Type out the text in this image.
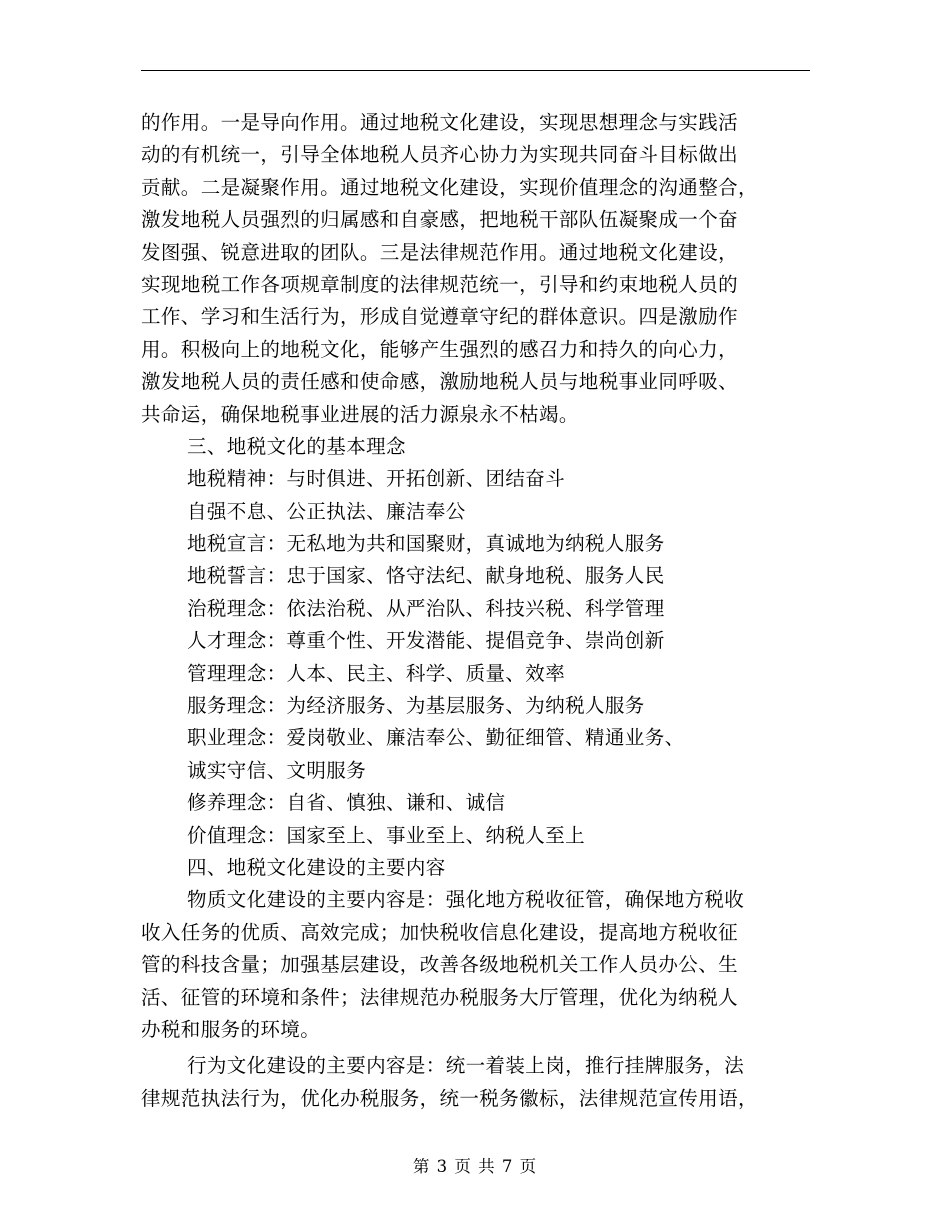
的作用。一是导向作用。通过地税文化建设，实现思想理念与实践活
动的有机统一，引导全体地税人员齐心协力为实现共同奋斗目标做出
贡献。二是凝聚作用。通过地税文化建设，实现价值理念的沟通整合，
激发地税人员强烈的归属感和自豪感，把地税干部队伍凝聚成一个奋
发图强、锐意进取的团队。三是法律规范作用。通过地税文化建设，
实现地税工作各项规章制度的法律规范统一，引导和约束地税人员的
工作、学习和生活行为，形成自觉遵章守纪的群体意识。四是激励作
用。积极向上的地税文化，能够产生强烈的感召力和持久的向心力，
激发地税人员的责任感和使命感，激励地税人员与地税事业同呼吸、
共命运，确保地税事业进展的活力源泉永不枯竭。
三、地税文化的基本理念
地税精神：与时俱进、开拓创新、团结奋斗
自强不息、公正执法、廉洁奉公
地税宣言：无私地为共和国聚财，真诚地为纳税人服务
地税誓言：忠于国家、恪守法纪、献身地税、服务人民
治税理念：依法治税、从严治队、科技兴税、科学管理
人才理念：尊重个性、开发潜能、提倡竞争、崇尚创新
管理理念：人本、民主、科学、质量、效率
服务理念：为经济服务、为基层服务、为纳税人服务
职业理念：爱岗敬业、廉洁奉公、勤征细管、精通业务、
诚实守信、文明服务
修养理念：自省、慎独、谦和、诚信
价值理念：国家至上、事业至上、纳税人至上
四、地税文化建设的主要内容
物质文化建设的主要内容是：强化地方税收征管，确保地方税收
收入任务的优质、高效完成；加快税收信息化建设，提高地方税收征
管的科技含量；加强基层建设，改善各级地税机关工作人员办公、生
活、征管的环境和条件；法律规范办税服务大厅管理，优化为纳税人
办税和服务的环境。
行为文化建设的主要内容是：统一着装上岗，推行挂牌服务，法
律规范执法行为，优化办税服务，统一税务徽标，法律规范宣传用语，
第 3 页 共 7 页
